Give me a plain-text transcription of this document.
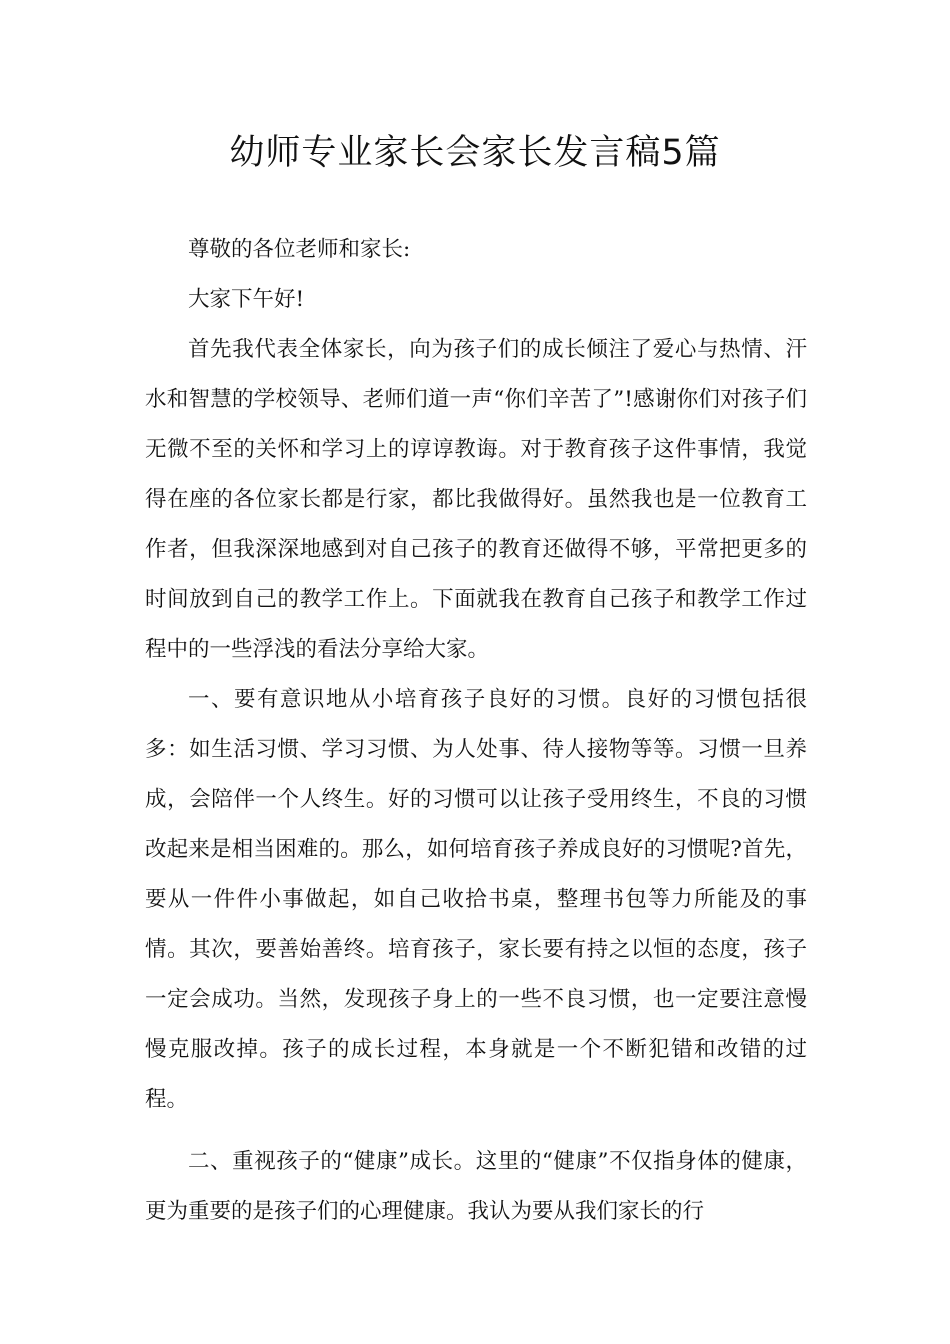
幼师专业家长会家长发言稿5篇

尊敬的各位老师和家长:

大家下午好!

首先我代表全体家长，向为孩子们的成长倾注了爱心与热情、汗水和智慧的学校领导、老师们道一声“你们辛苦了”!感谢你们对孩子们无微不至的关怀和学习上的谆谆教诲。对于教育孩子这件事情，我觉得在座的各位家长都是行家，都比我做得好。虽然我也是一位教育工作者，但我深深地感到对自己孩子的教育还做得不够，平常把更多的时间放到自己的教学工作上。下面就我在教育自己孩子和教学工作过程中的一些浮浅的看法分享给大家。

一、要有意识地从小培育孩子良好的习惯。良好的习惯包括很多：如生活习惯、学习习惯、为人处事、待人接物等等。习惯一旦养成，会陪伴一个人终生。好的习惯可以让孩子受用终生，不良的习惯改起来是相当困难的。那么，如何培育孩子养成良好的习惯呢?首先，要从一件件小事做起，如自己收拾书桌，整理书包等力所能及的事情。其次，要善始善终。培育孩子，家长要有持之以恒的态度，孩子一定会成功。当然，发现孩子身上的一些不良习惯，也一定要注意慢慢克服改掉。孩子的成长过程，本身就是一个不断犯错和改错的过程。

二、重视孩子的“健康”成长。这里的“健康”不仅指身体的健康，更为重要的是孩子们的心理健康。我认为要从我们家长的行
